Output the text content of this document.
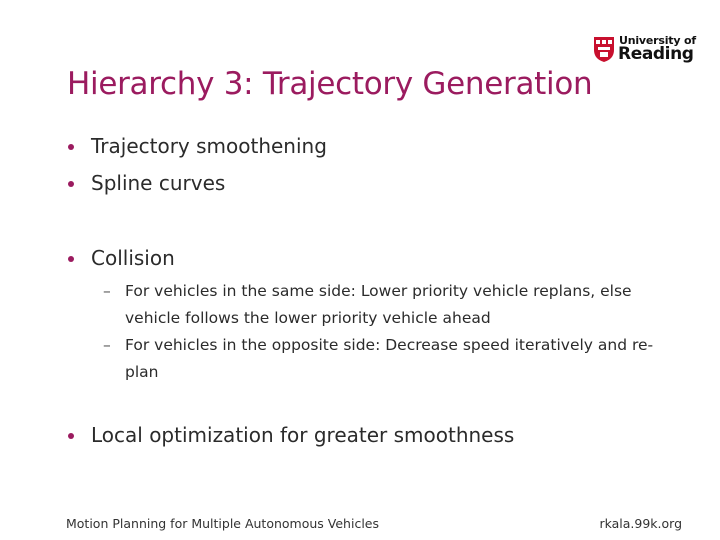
University of
Reading
Hierarchy 3: Trajectory Generation
Trajectory smoothening
Spline curves
Collision
– For vehicles in the same side: Lower priority vehicle replans, else vehicle follows the lower priority vehicle ahead
– For vehicles in the opposite side: Decrease speed iteratively and re-plan
Local optimization for greater smoothness
Motion Planning for Multiple Autonomous Vehicles	rkala.99k.org
